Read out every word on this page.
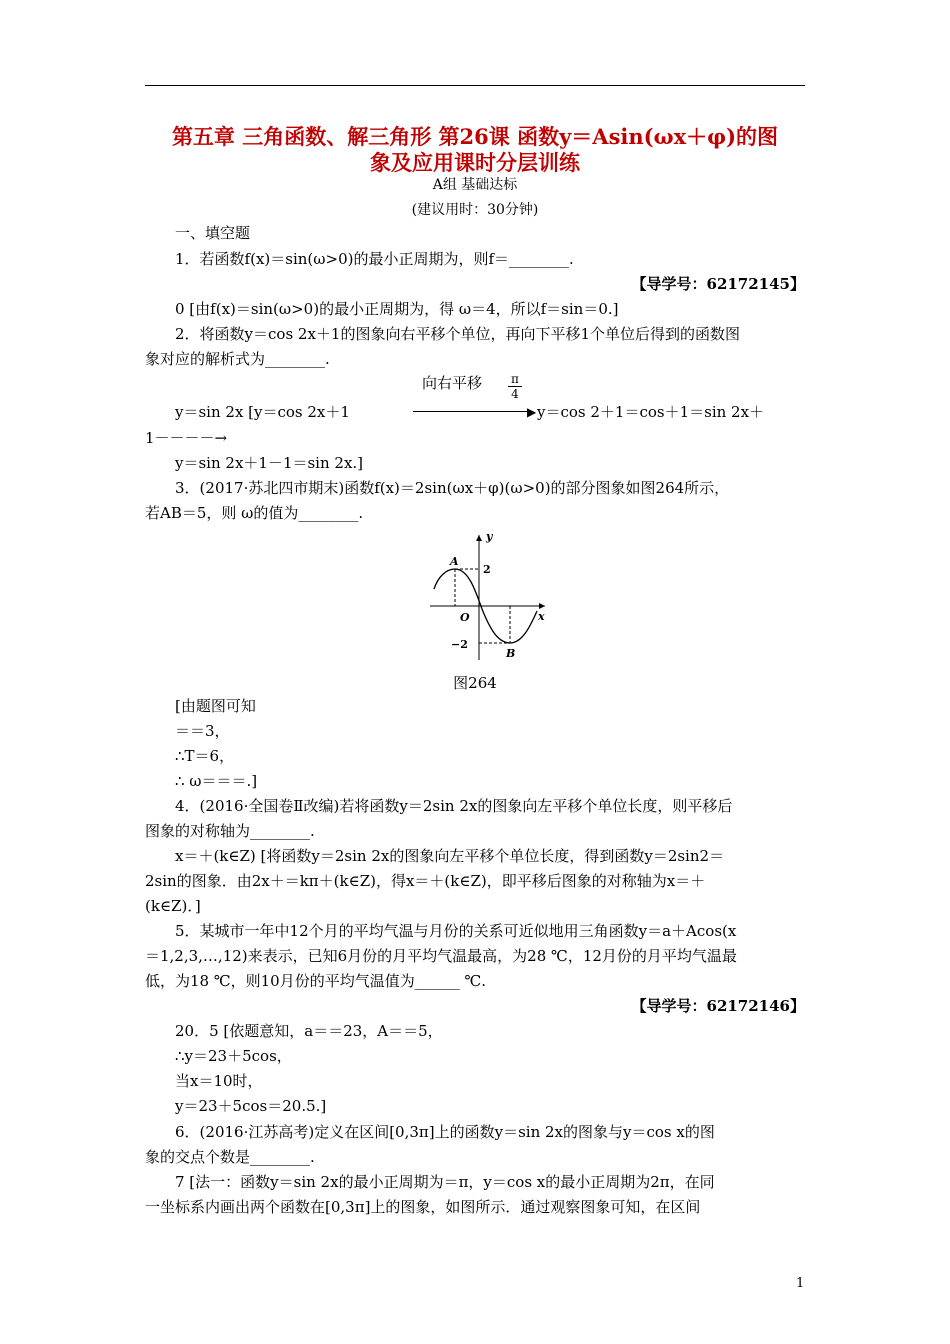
第五章 三角函数、解三角形 第26课 函数y＝Asin(ωx＋φ)的图
象及应用课时分层训练
A组 基础达标
(建议用时：30分钟)
一、填空题
1．若函数f(x)＝sin(ω>0)的最小正周期为，则f＝________.
【导学号：62172145】
0 [由f(x)＝sin(ω>0)的最小正周期为，得 ω＝4，所以f＝sin＝0.]
2．将函数y＝cos 2x＋1的图象向右平移个单位，再向下平移1个单位后得到的函数图
象对应的解析式为________.
向右平移 π
4
▶
y＝sin 2x [y＝cos 2x＋1	y＝cos 2＋1＝cos＋1＝sin 2x＋
1－－－－→
y＝sin 2x＋1－1＝sin 2x.]
3．(2017·苏北四市期末)函数f(x)＝2sin(ωx＋φ)(ω>0)的部分图象如图264所示，
若AB＝5，则 ω的值为________.
y
x
O
A
B
2
−2
图264
[由题图可知
＝＝3，
∴T＝6，
∴ ω＝＝＝.]
4．(2016·全国卷Ⅱ改编)若将函数y＝2sin 2x的图象向左平移个单位长度，则平移后
图象的对称轴为________.
x＝＋(k∈Z) [将函数y＝2sin 2x的图象向左平移个单位长度，得到函数y＝2sin2＝
2sin的图象．由2x＋＝kπ＋(k∈Z)，得x＝＋(k∈Z)，即平移后图象的对称轴为x＝＋
(k∈Z)．]
5．某城市一年中12个月的平均气温与月份的关系可近似地用三角函数y＝a＋Acos(x
＝1,2,3,…,12)来表示，已知6月份的月平均气温最高，为28 ℃，12月份的月平均气温最
低，为18 ℃，则10月份的平均气温值为______ ℃.
【导学号：62172146】
20．5 [依题意知，a＝＝23，A＝＝5，
∴y＝23＋5cos，
当x＝10时，
y＝23＋5cos＝20.5.]
6．(2016·江苏高考)定义在区间[0,3π]上的函数y＝sin 2x的图象与y＝cos x的图
象的交点个数是________.
7 [法一：函数y＝sin 2x的最小正周期为＝π，y＝cos x的最小正周期为2π，在同
一坐标系内画出两个函数在[0,3π]上的图象，如图所示．通过观察图象可知，在区间
1
